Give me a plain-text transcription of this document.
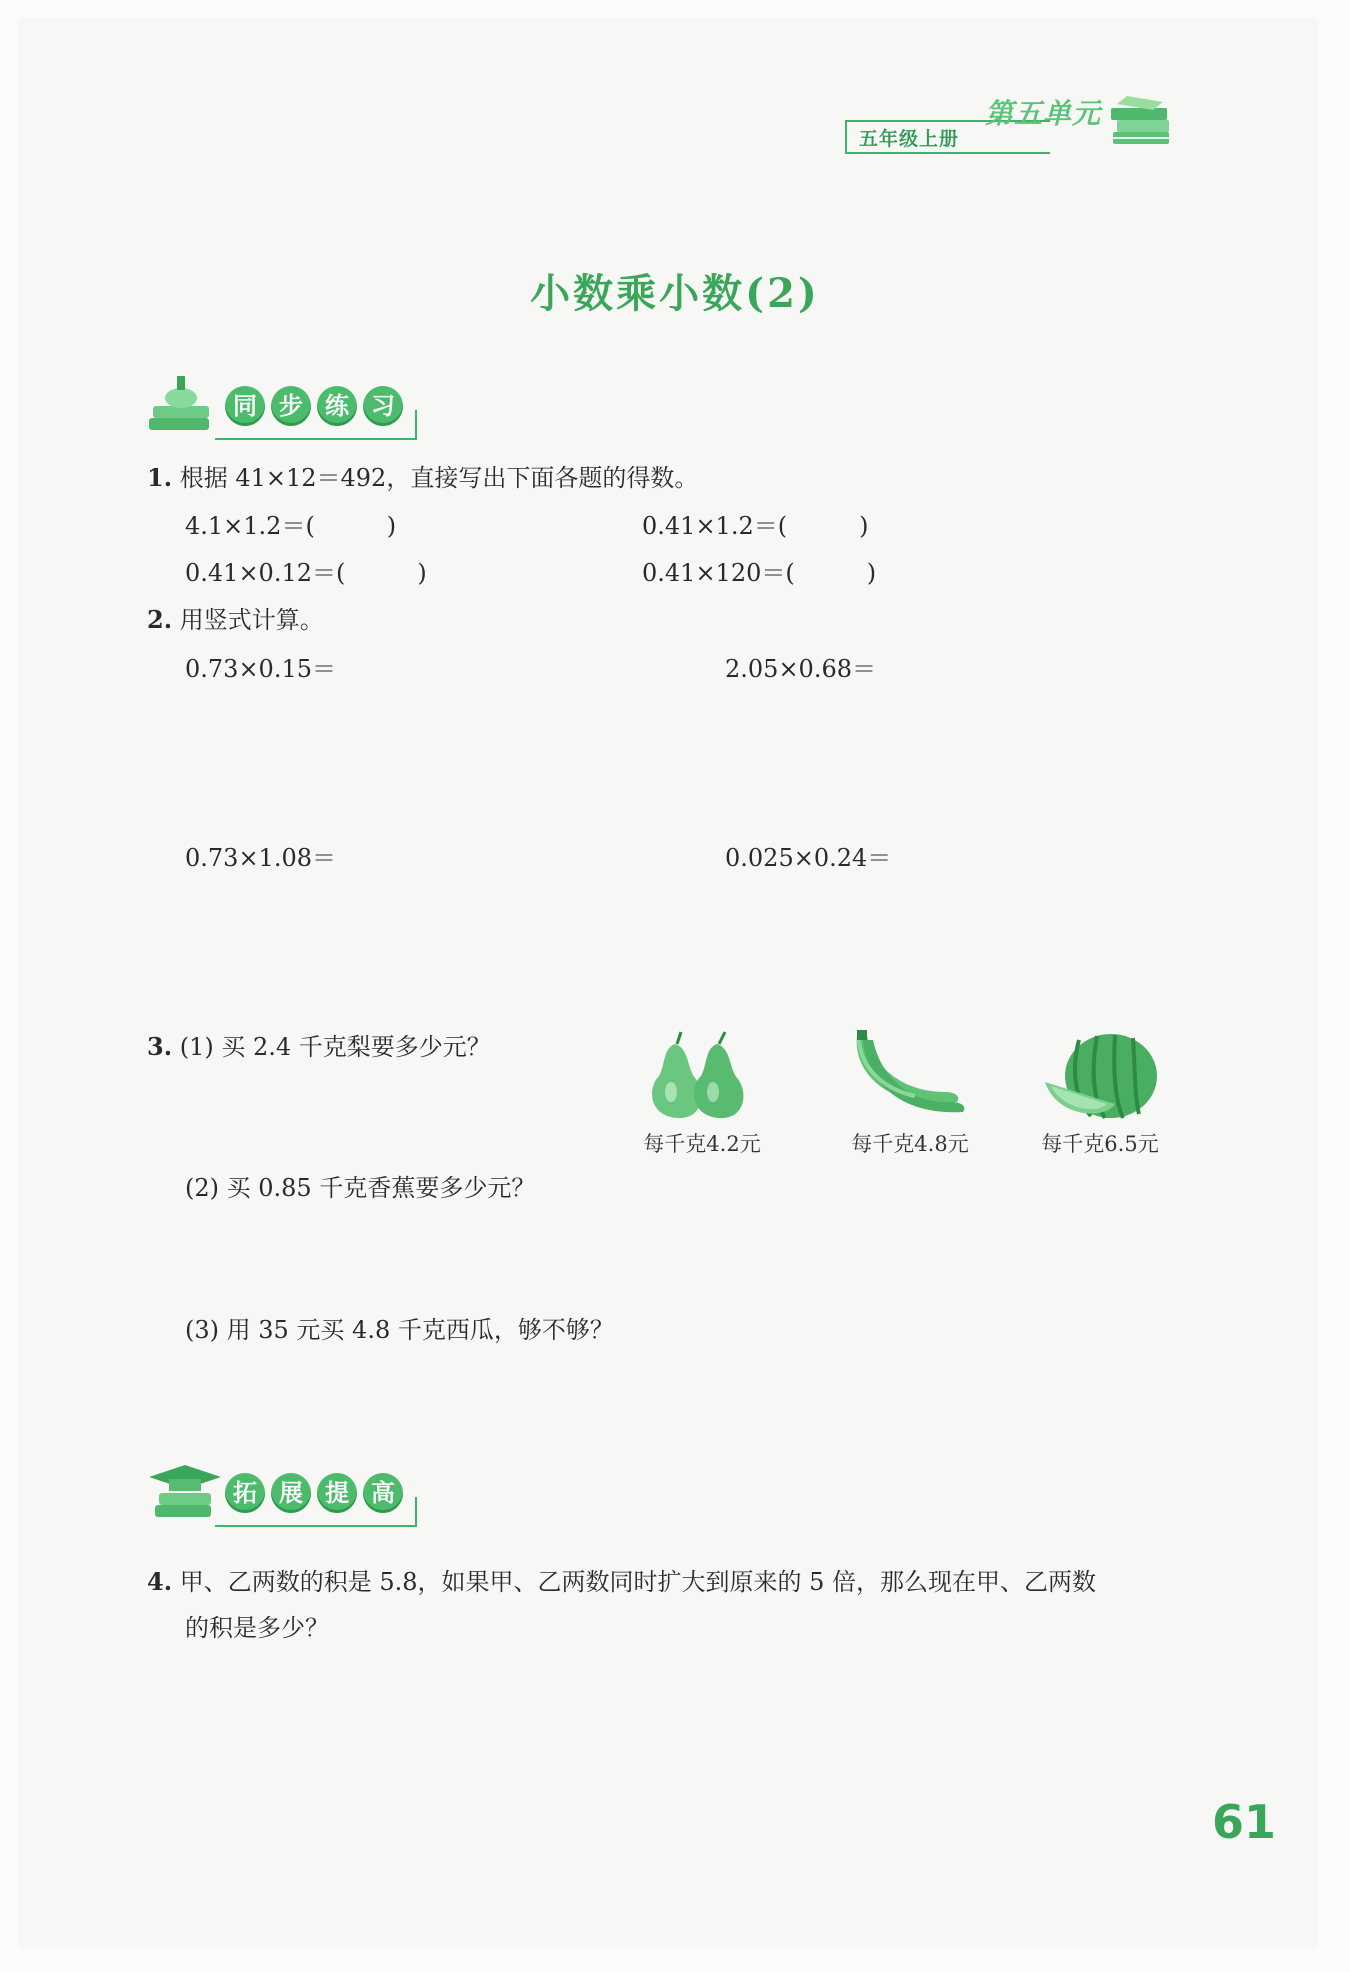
五年级上册
第五单元
小数乘小数(2)
同 步 练 习
1. 根据 41×12＝492，直接写出下面各题的得数。
4.1×1.2＝(　　　)	0.41×1.2＝(　　　)
0.41×0.12＝(　　　)	0.41×120＝(　　　)
2. 用竖式计算。
0.73×0.15＝	2.05×0.68＝
0.73×1.08＝	0.025×0.24＝
3. (1) 买 2.4 千克梨要多少元？
(2) 买 0.85 千克香蕉要多少元？
(3) 用 35 元买 4.8 千克西瓜，够不够？
每千克4.2元	每千克4.8元	每千克6.5元
拓 展 提 高
4. 甲、乙两数的积是 5.8，如果甲、乙两数同时扩大到原来的 5 倍，那么现在甲、乙两数
的积是多少？
61
